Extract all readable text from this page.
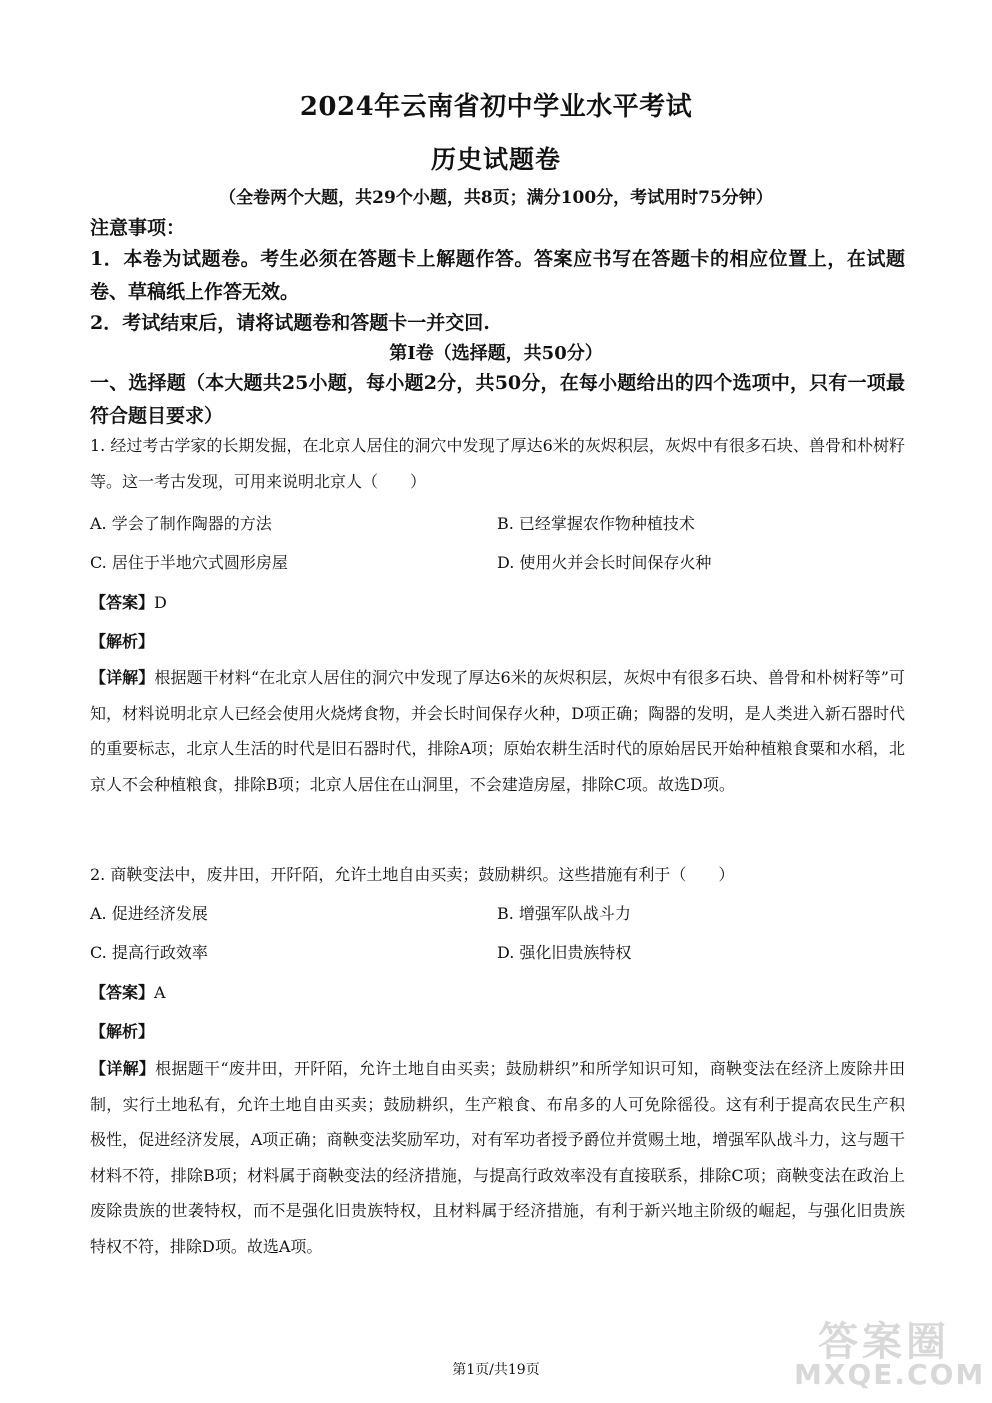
2024年云南省初中学业水平考试
历史试题卷
（全卷两个大题，共29个小题，共8页；满分100分，考试用时75分钟）
注意事项：
1．本卷为试题卷。考生必须在答题卡上解题作答。答案应书写在答题卡的相应位置上，在试题卷、草稿纸上作答无效。
2．考试结束后，请将试题卷和答题卡一并交回.
第Ⅰ卷（选择题，共50分）
一、选择题（本大题共25小题，每小题2分，共50分，在每小题给出的四个选项中，只有一项最符合题目要求）
1. 经过考古学家的长期发掘，在北京人居住的洞穴中发现了厚达6米的灰烬积层，灰烬中有很多石块、兽骨和朴树籽等。这一考古发现，可用来说明北京人（　　）
A. 学会了制作陶器的方法	B. 已经掌握农作物种植技术
C. 居住于半地穴式圆形房屋	D. 使用火并会长时间保存火种
【答案】D
【解析】
【详解】根据题干材料“在北京人居住的洞穴中发现了厚达6米的灰烬积层，灰烬中有很多石块、兽骨和朴树籽等”可知，材料说明北京人已经会使用火烧烤食物，并会长时间保存火种，D项正确；陶器的发明，是人类进入新石器时代的重要标志，北京人生活的时代是旧石器时代，排除A项；原始农耕生活时代的原始居民开始种植粮食粟和水稻，北京人不会种植粮食，排除B项；北京人居住在山洞里，不会建造房屋，排除C项。故选D项。
2. 商鞅变法中，废井田，开阡陌，允许土地自由买卖；鼓励耕织。这些措施有利于（　　）
A. 促进经济发展	B. 增强军队战斗力
C. 提高行政效率	D. 强化旧贵族特权
【答案】A
【解析】
【详解】根据题干“废井田，开阡陌，允许土地自由买卖；鼓励耕织”和所学知识可知，商鞅变法在经济上废除井田制，实行土地私有，允许土地自由买卖；鼓励耕织，生产粮食、布帛多的人可免除徭役。这有利于提高农民生产积极性，促进经济发展，A项正确；商鞅变法奖励军功，对有军功者授予爵位并赏赐土地，增强军队战斗力，这与题干材料不符，排除B项；材料属于商鞅变法的经济措施，与提高行政效率没有直接联系，排除C项；商鞅变法在政治上废除贵族的世袭特权，而不是强化旧贵族特权，且材料属于经济措施，有利于新兴地主阶级的崛起，与强化旧贵族特权不符，排除D项。故选A项。
第1页/共19页
答案圈
MXQE.COM
